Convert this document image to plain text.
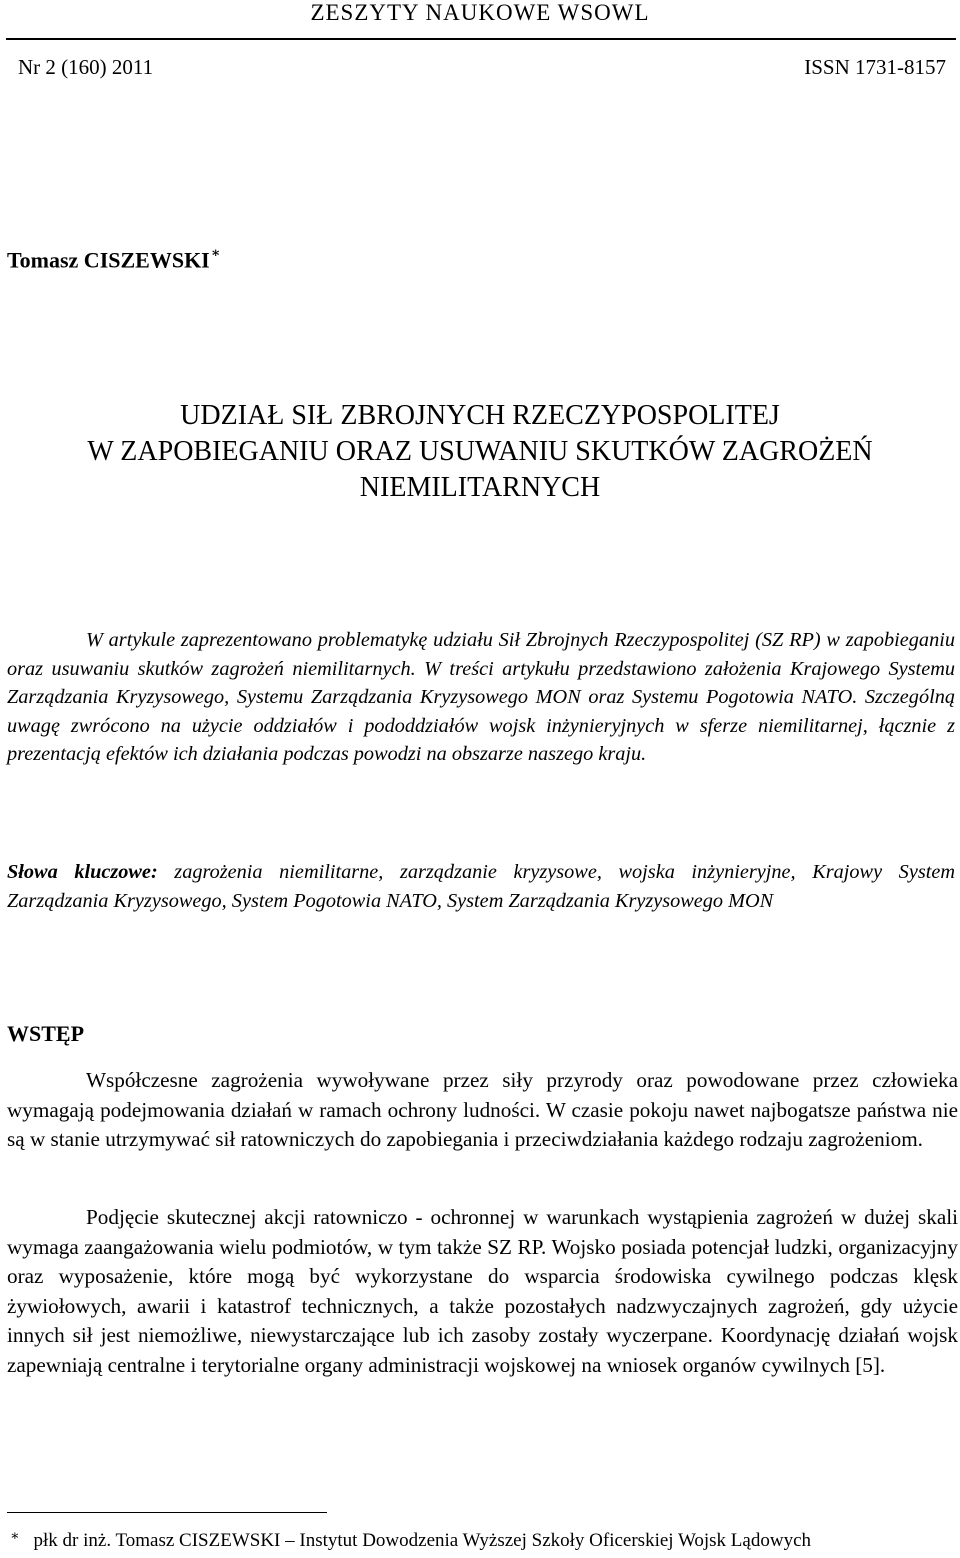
ZESZYTY NAUKOWE WSOWL
Nr 2 (160) 2011	ISSN 1731-8157
Tomasz CISZEWSKI∗
UDZIAŁ SIŁ ZBROJNYCH RZECZYPOSPOLITEJ
W ZAPOBIEGANIU ORAZ USUWANIU SKUTKÓW ZAGROŻEŃ
NIEMILITARNYCH
W artykule zaprezentowano problematykę udziału Sił Zbrojnych Rzeczypospolitej (SZ RP) w zapobieganiu oraz usuwaniu skutków zagrożeń niemilitarnych. W treści artykułu przedstawiono założenia Krajowego Systemu Zarządzania Kryzysowego, Systemu Zarządzania Kryzysowego MON oraz Systemu Pogotowia NATO. Szczególną uwagę zwrócono na użycie oddziałów i pododdziałów wojsk inżynieryjnych w sferze niemilitarnej, łącznie z prezentacją efektów ich działania podczas powodzi na obszarze naszego kraju.
Słowa kluczowe: zagrożenia niemilitarne, zarządzanie kryzysowe, wojska inżynieryjne, Krajowy System Zarządzania Kryzysowego, System Pogotowia NATO, System Zarządzania Kryzysowego MON
WSTĘP
Współczesne zagrożenia wywoływane przez siły przyrody oraz powodowane przez człowieka wymagają podejmowania działań w ramach ochrony ludności. W czasie pokoju nawet najbogatsze państwa nie są w stanie utrzymywać sił ratowniczych do zapobiegania i przeciwdziałania każdego rodzaju zagrożeniom.
Podjęcie skutecznej akcji ratowniczo - ochronnej w warunkach wystąpienia zagrożeń w dużej skali wymaga zaangażowania wielu podmiotów, w tym także SZ RP. Wojsko posiada potencjał ludzki, organizacyjny oraz wyposażenie, które mogą być wykorzystane do wsparcia środowiska cywilnego podczas klęsk żywiołowych, awarii i katastrof technicznych, a także pozostałych nadzwyczajnych zagrożeń, gdy użycie innych sił jest niemożliwe, niewystarczające lub ich zasoby zostały wyczerpane. Koordynację działań wojsk zapewniają centralne i terytorialne organy administracji wojskowej na wniosek organów cywilnych [5].
∗ płk dr inż. Tomasz CISZEWSKI – Instytut Dowodzenia Wyższej Szkoły Oficerskiej Wojsk Lądowych
